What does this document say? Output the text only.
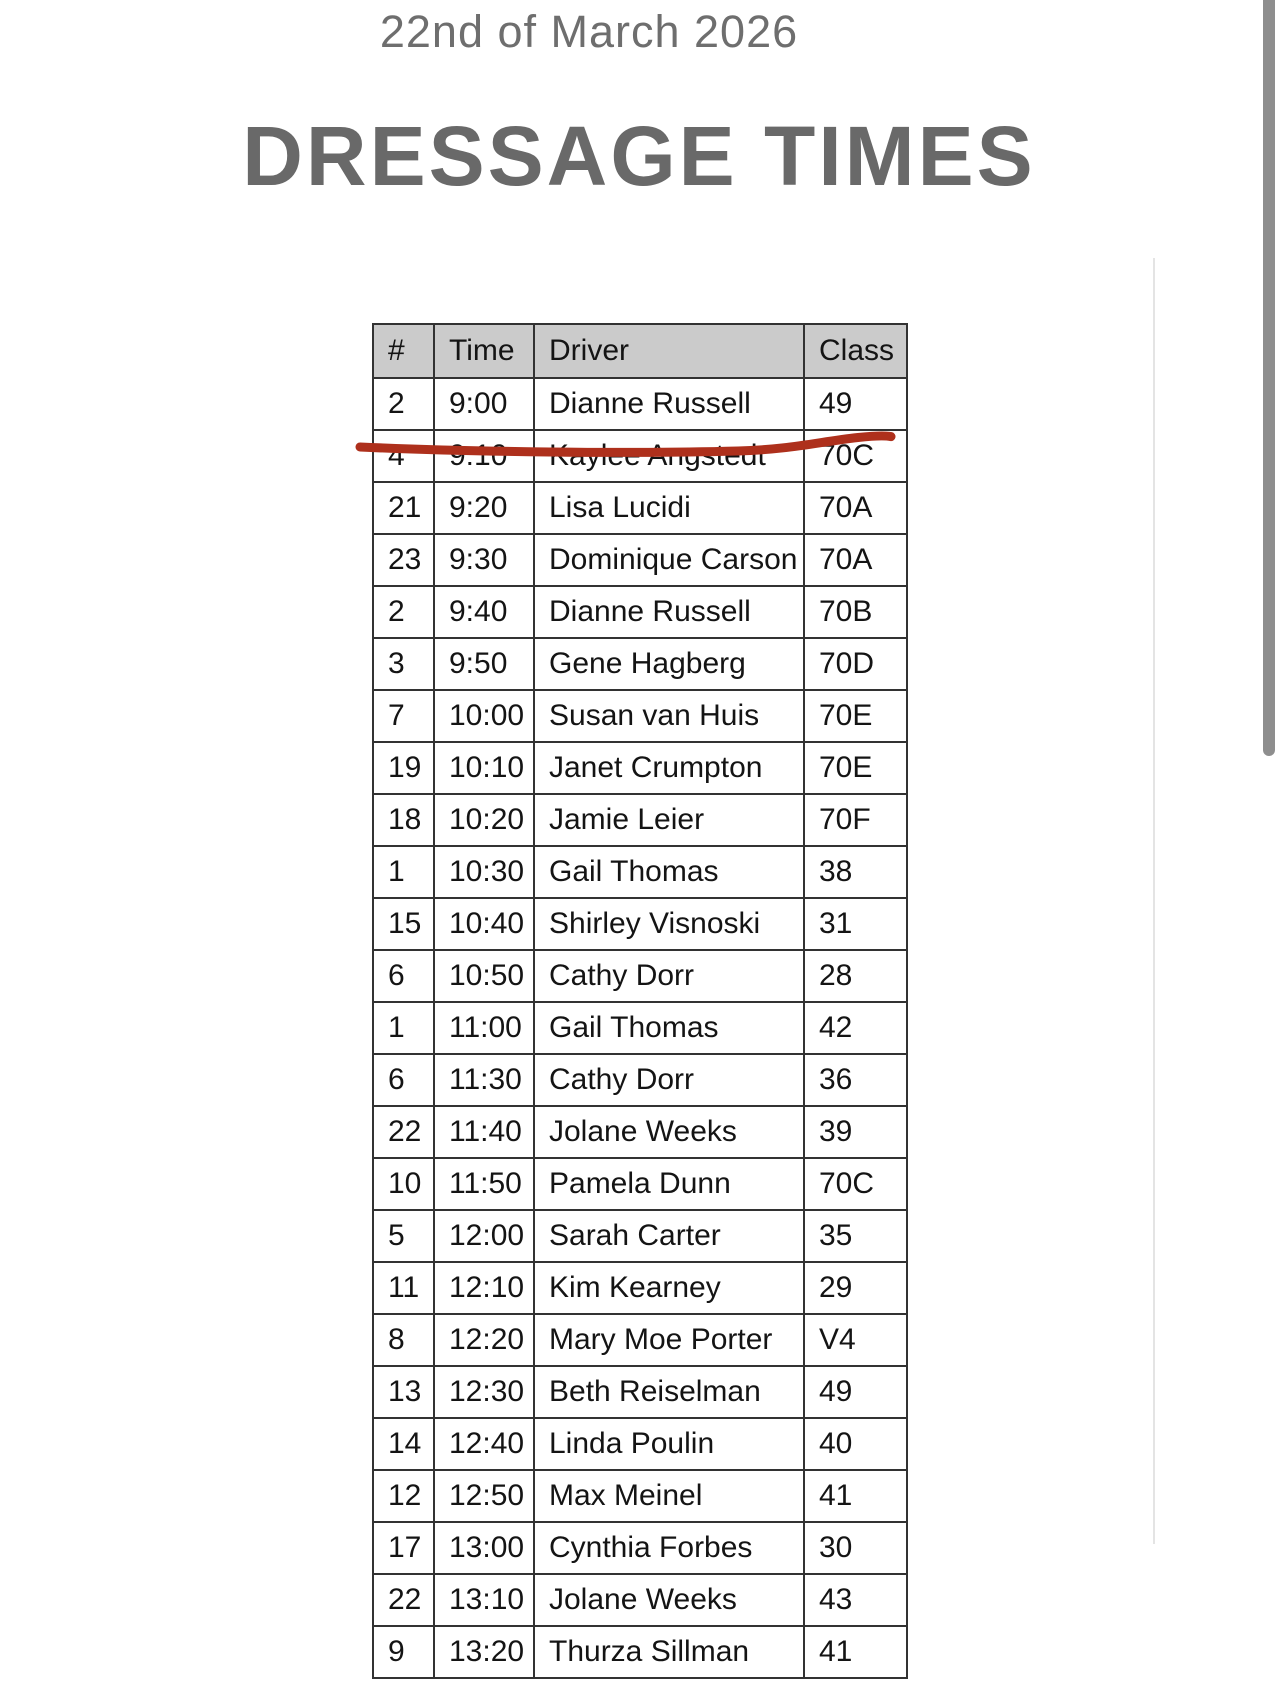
22nd of March 2026
DRESSAGE TIMES
#	Time	Driver	Class
2	9:00	Dianne Russell	49
4	9:10	Kaylee Angstedt	70C
21	9:20	Lisa Lucidi	70A
23	9:30	Dominique Carson	70A
2	9:40	Dianne Russell	70B
3	9:50	Gene Hagberg	70D
7	10:00	Susan van Huis	70E
19	10:10	Janet Crumpton	70E
18	10:20	Jamie Leier	70F
1	10:30	Gail Thomas	38
15	10:40	Shirley Visnoski	31
6	10:50	Cathy Dorr	28
1	11:00	Gail Thomas	42
6	11:30	Cathy Dorr	36
22	11:40	Jolane Weeks	39
10	11:50	Pamela Dunn	70C
5	12:00	Sarah Carter	35
11	12:10	Kim Kearney	29
8	12:20	Mary Moe Porter	V4
13	12:30	Beth Reiselman	49
14	12:40	Linda Poulin	40
12	12:50	Max Meinel	41
17	13:00	Cynthia Forbes	30
22	13:10	Jolane Weeks	43
9	13:20	Thurza Sillman	41
